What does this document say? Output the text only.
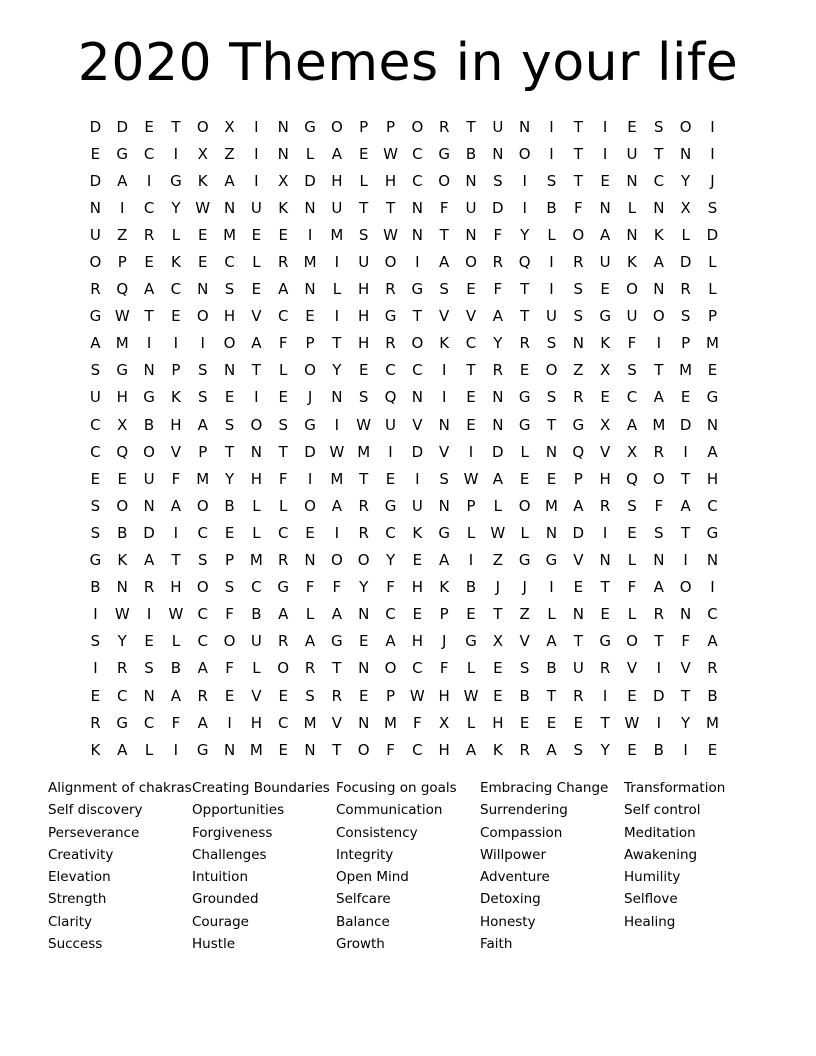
2020 Themes in your life
D	D	E	T	O	X	I	N	G	O	P	P	O	R	T	U	N	I	T	I	E	S	O	I
E	G	C	I	X	Z	I	N	L	A	E W C	G	B	N	O	I	T	I	U	T	N	I
D	A	I	G	K	A	I	X	D	H	L	H	C	O	N	S	I	S	T	E	N	C	Y	J
N	I	C	Y W N	U	K	N	U	T	T	N	F	U	D	I	B	F	N	L	N	X	S
U	Z	R	L	E	M	E	E	I	M	S W N	T	N	F	Y	L	O	A	N	K	L	D
O	P	E	K	E	C	L	R	M	I	U	O	I	A	O	R	Q	I	R	U	K	A	D	L
R	Q	A	C	N	S	E	A	N	L	H	R	G	S	E	F	T	I	S	E	O	N	R	L
G W T	E	O	H	V	C	E	I	H	G	T	V	V	A	T	U	S	G	U	O	S	P
A	M	I	I	I	O	A	F	P	T	H	R	O	K	C	Y	R	S	N	K	F	I	P	M
S	G	N	P	S	N	T	L	O	Y	E	C	C	I	T	R	E	O	Z	X	S	T	M	E
U	H	G	K	S	E	I	E	J	N	S	Q	N	I	E	N	G	S	R	E	C	A	E	G
C	X	B	H	A	S	O	S	G	I	W U	V	N	E	N	G	T	G	X	A	M D	N
C	Q	O	V	P	T	N	T	D W M	I	D	V	I	D	L	N	Q	V	X	R	I	A
E	E	U	F	M	Y	H	F	I	M	T	E	I	S W A	E	E	P	H	Q	O	T	H
S	O	N	A	O	B	L	L	O	A	R	G	U	N	P	L	O M	A	R	S	F	A	C
S	B	D	I	C	E	L	C	E	I	R	C	K	G	L	W	L	N	D	I	E	S	T	G
G	K	A	T	S	P	M	R	N	O	O	Y	E	A	I	Z	G	G	V	N	L	N	I	N
B	N	R	H	O	S	C	G	F	F	Y	F	H	K	B	J	J	I	E	T	F	A	O	I
I	W	I	W C	F	B	A	L	A	N	C	E	P	E	T	Z	L	N	E	L	R	N	C
S	Y	E	L	C	O	U	R	A	G	E	A	H	J	G	X	V	A	T	G	O	T	F	A
I	R	S	B	A	F	L	O	R	T	N	O	C	F	L	E	S	B	U	R	V	I	V	R
E	C	N	A	R	E	V	E	S	R	E	P W H W E	B	T	R	I	E	D	T	B
R	G	C	F	A	I	H	C	M	V	N M	F	X	L	H	E	E	E	T W	I	Y	M
K	A	L	I	G	N M	E	N	T	O	F	C	H	A	K	R	A	S	Y	E	B	I	E
Alignment of chakras
Self discovery
Perseverance
Creativity
Elevation
Strength
Clarity
Success
Creating Boundaries
Opportunities
Forgiveness
Challenges
Intuition
Grounded
Courage
Hustle
Focusing on goals
Communication
Consistency
Integrity
Open Mind
Selfcare
Balance
Growth
Embracing Change
Surrendering
Compassion
Willpower
Adventure
Detoxing
Honesty
Faith
Transformation
Self control
Meditation
Awakening
Humility
Selflove
Healing
